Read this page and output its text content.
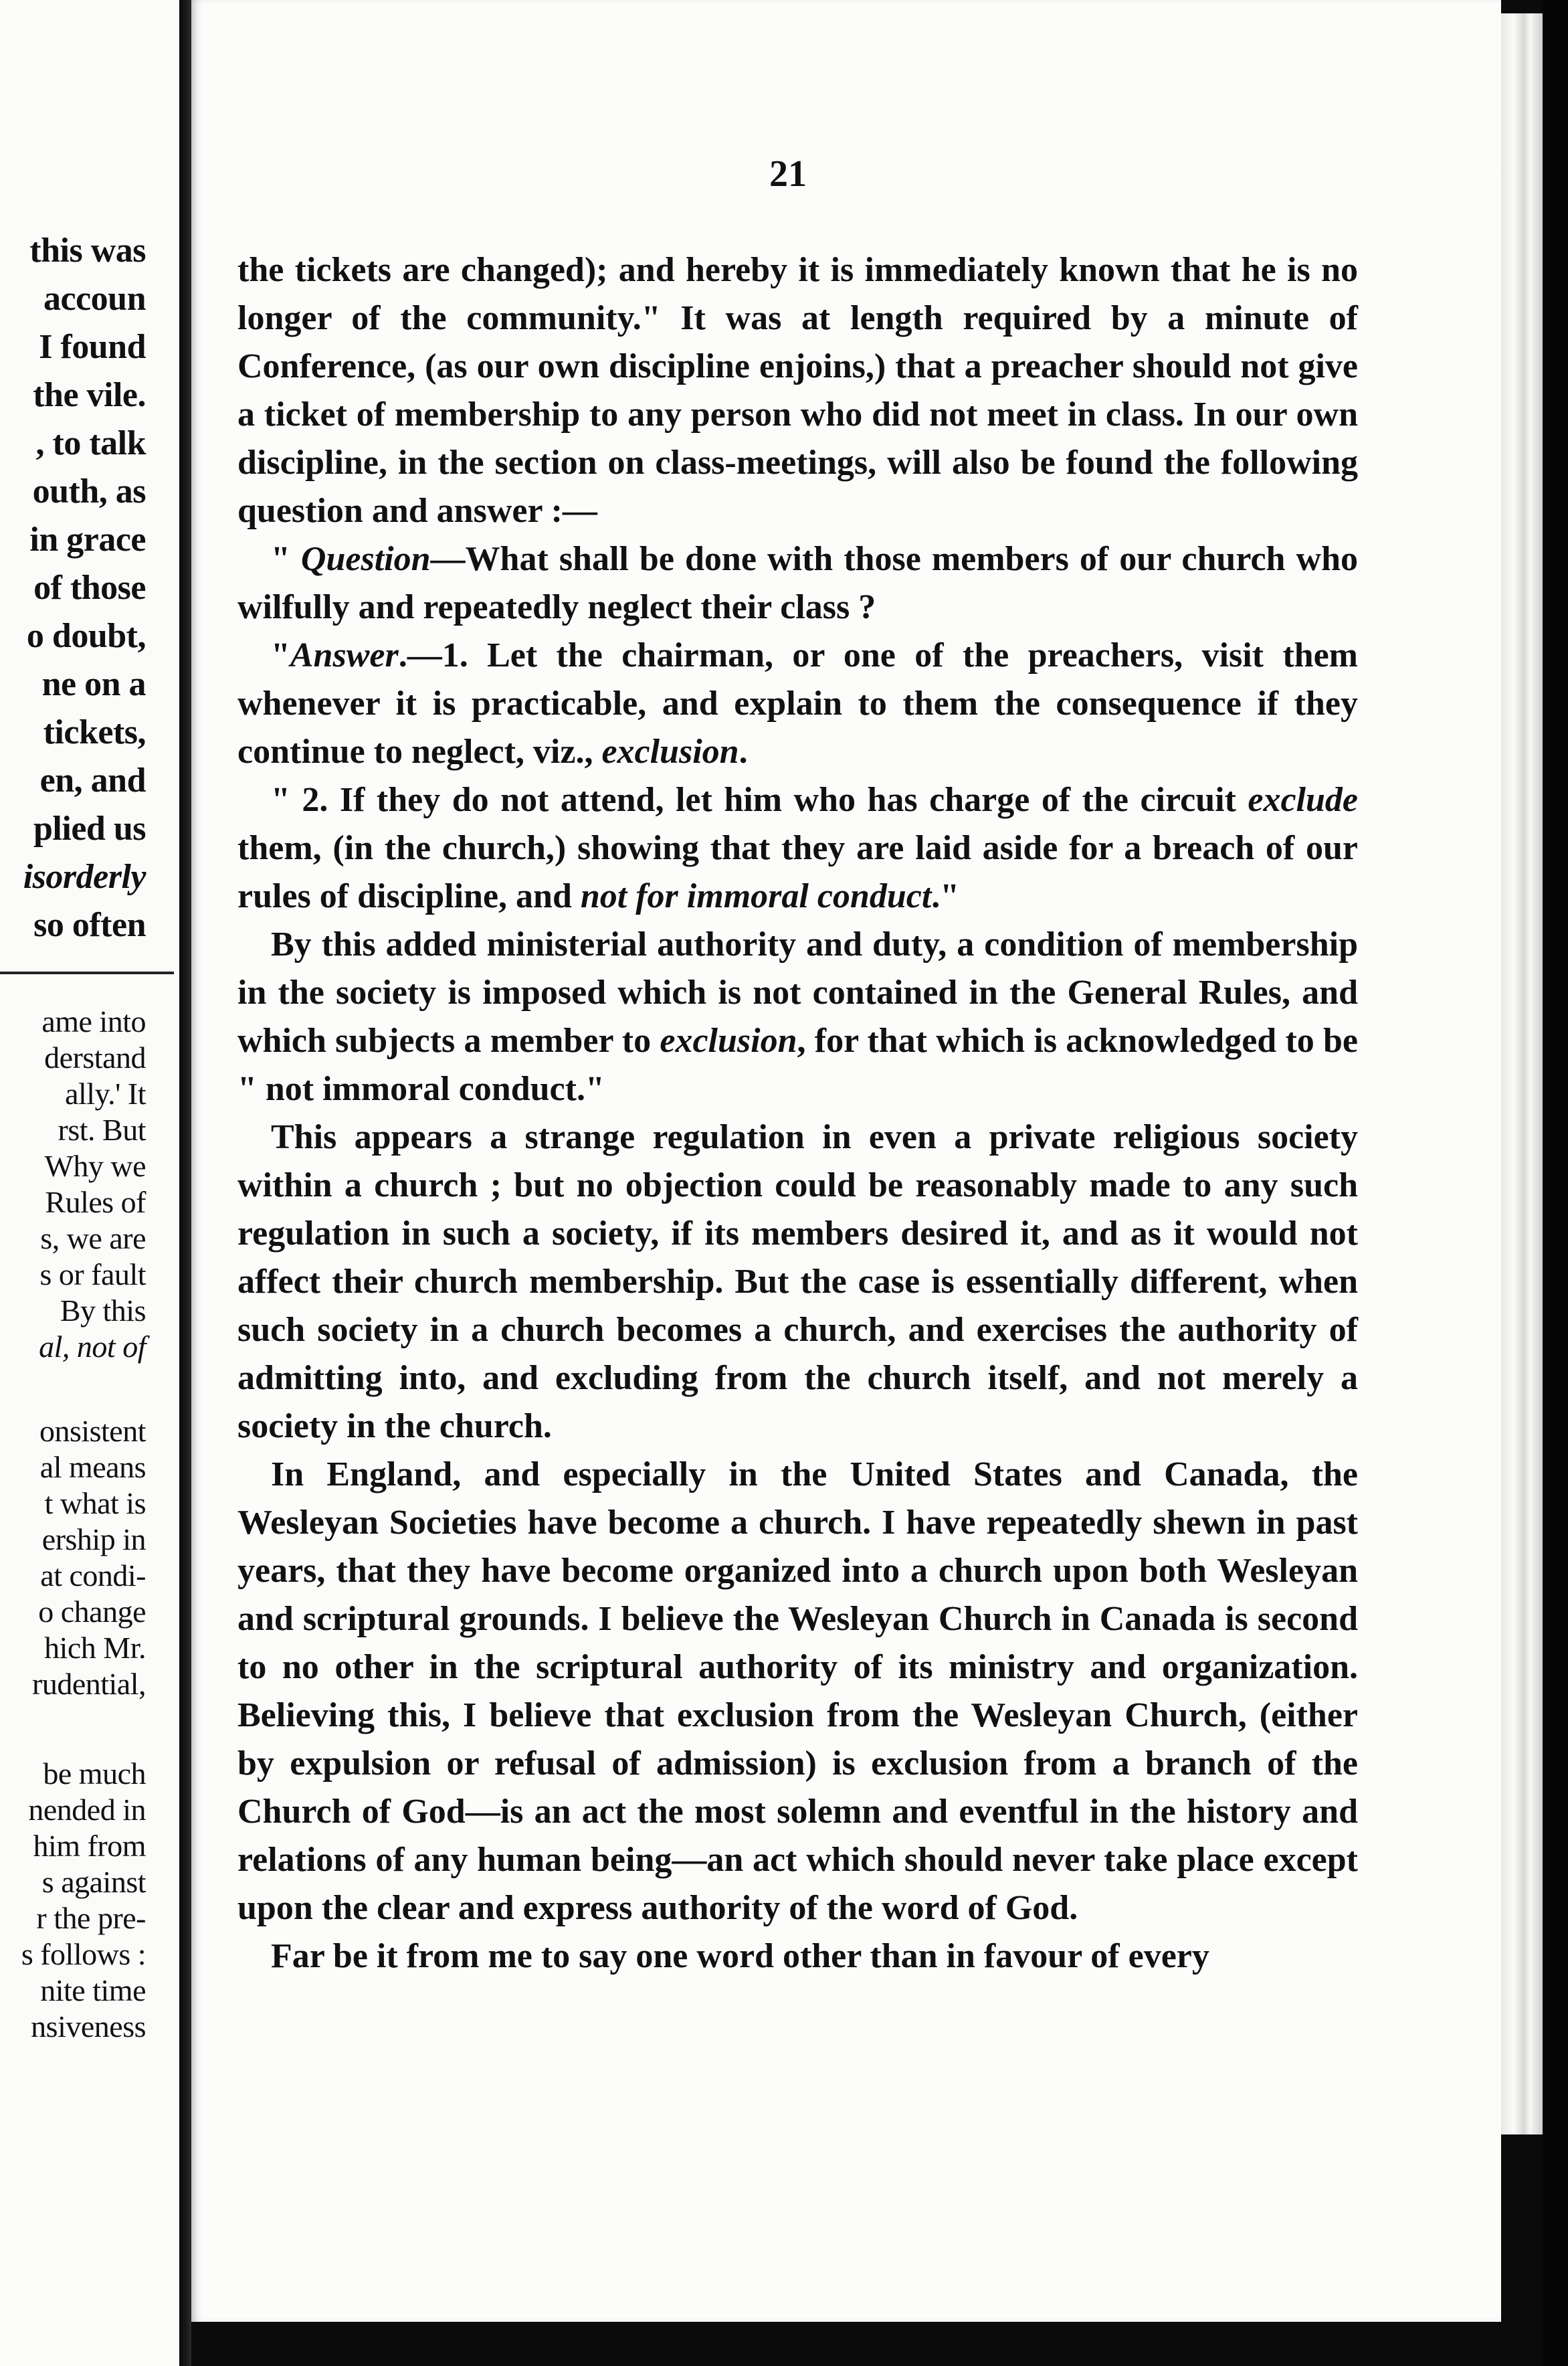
this was
accoun
I found
the vile.
, to talk
outh, as
in grace
of those
o doubt,
ne on a
tickets,
en, and
plied us
isorderly
so often
ame into
derstand
ally.' It
rst. But
Why we
Rules of
s, we are
s or fault
By this
al, not of
onsistent
al means
t what is
ership in
at condi-
o change
hich Mr.
rudential,
be much
nended in
him from
s against
r the pre-
s follows :
nite time
nsiveness
21

the tickets are changed); and hereby it is immediately known that he is no longer of the community." It was at length required by a minute of Conference, (as our own discipline enjoins,) that a preacher should not give a ticket of membership to any person who did not meet in class. In our own discipline, in the section on class-meetings, will also be found the following question and answer :—

" Question—What shall be done with those members of our church who wilfully and repeatedly neglect their class ?

"Answer.—1. Let the chairman, or one of the preachers, visit them whenever it is practicable, and explain to them the consequence if they continue to neglect, viz., exclusion.

" 2. If they do not attend, let him who has charge of the circuit exclude them, (in the church,) showing that they are laid aside for a breach of our rules of discipline, and not for immoral conduct."

By this added ministerial authority and duty, a condition of membership in the society is imposed which is not contained in the General Rules, and which subjects a member to exclusion, for that which is acknowledged to be " not immoral conduct."

This appears a strange regulation in even a private religious society within a church ; but no objection could be reasonably made to any such regulation in such a society, if its members desired it, and as it would not affect their church membership. But the case is essentially different, when such society in a church becomes a church, and exercises the authority of admitting into, and excluding from the church itself, and not merely a society in the church.

In England, and especially in the United States and Canada, the Wesleyan Societies have become a church. I have repeatedly shewn in past years, that they have become organized into a church upon both Wesleyan and scriptural grounds. I believe the Wesleyan Church in Canada is second to no other in the scriptural authority of its ministry and organization. Believing this, I believe that exclusion from the Wesleyan Church, (either by expulsion or refusal of admission) is exclusion from a branch of the Church of God—is an act the most solemn and eventful in the history and relations of any human being—an act which should never take place except upon the clear and express authority of the word of God.

Far be it from me to say one word other than in favour of every
